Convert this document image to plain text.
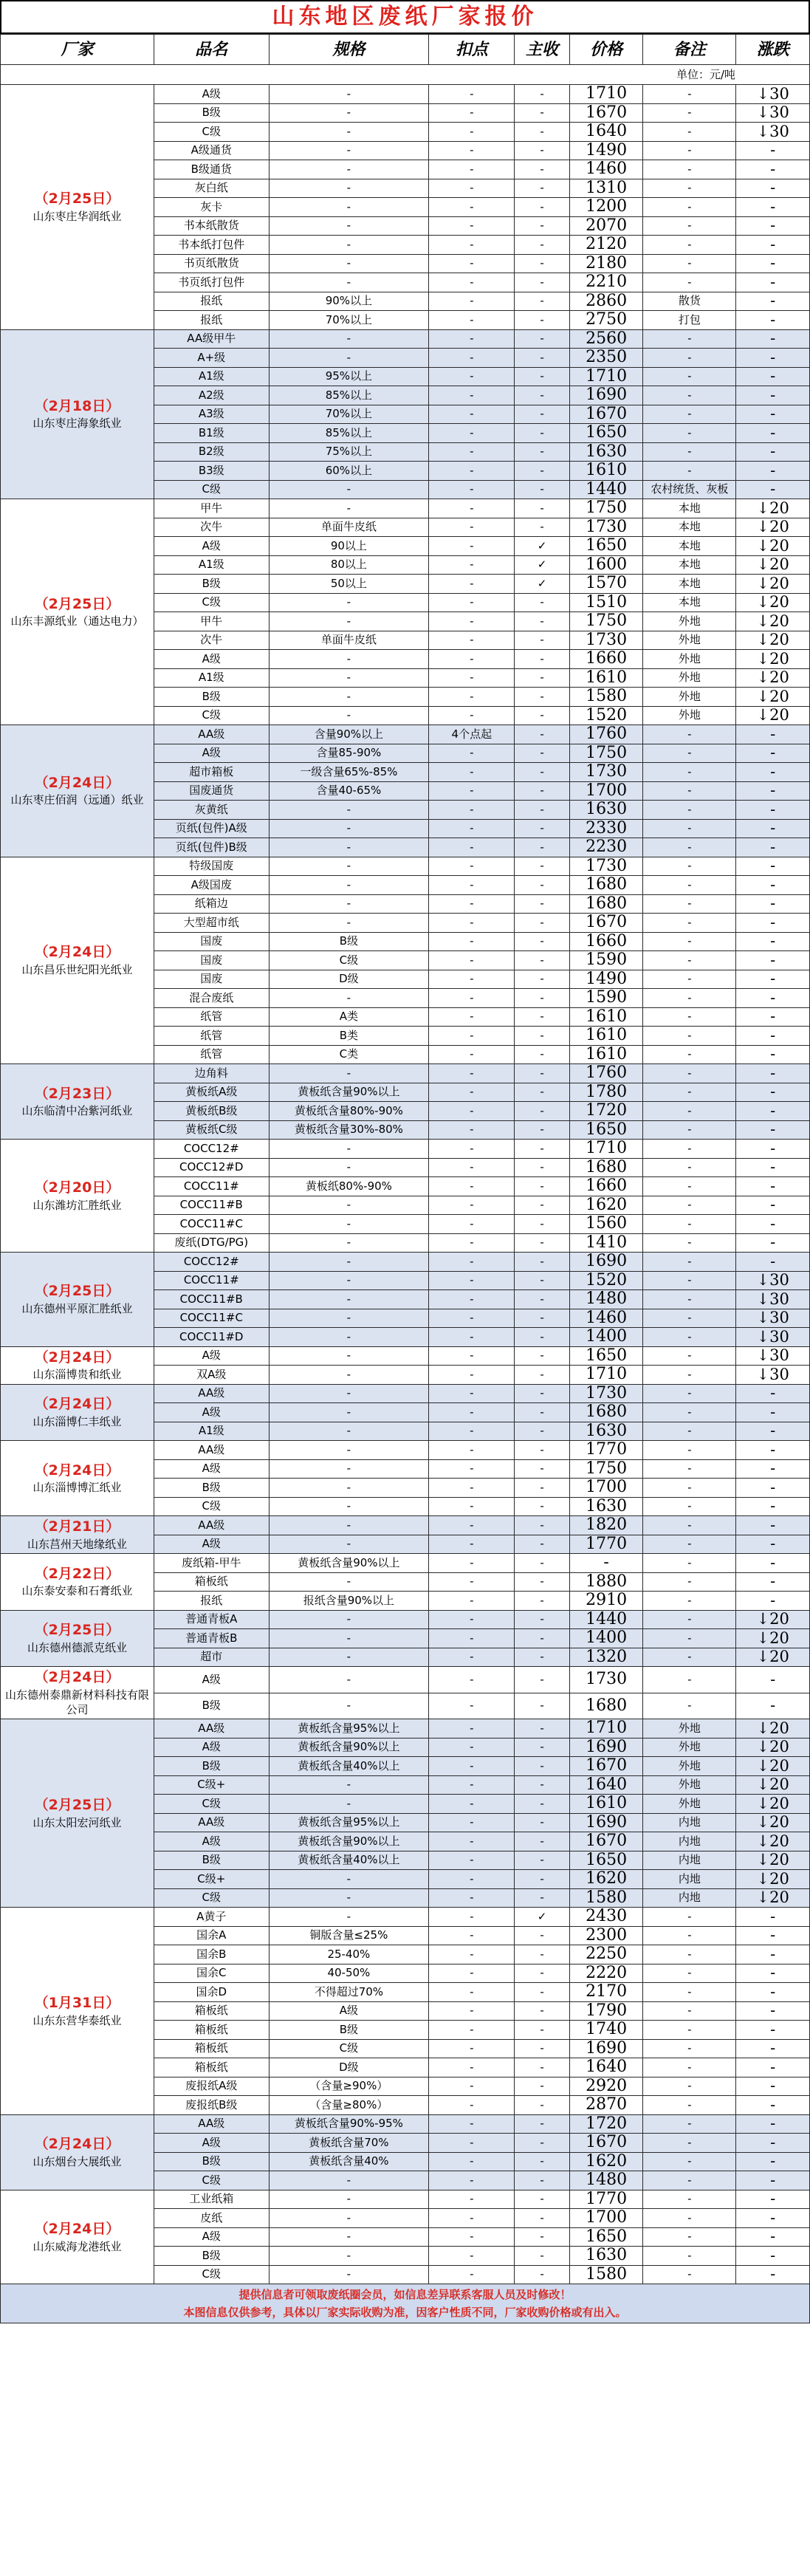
山东地区废纸厂家报价
厂家	品名	规格	扣点	主收	价格	备注	涨跌
单位：元/吨							

（2月25日）
山东枣庄华润纸业	A级	-	-	-	1710	-	↓30
	B级	-	-	-	1670	-	↓30
	C级	-	-	-	1640	-	↓30
	A级通货	-	-	-	1490	-	-
	B级通货	-	-	-	1460	-	-
	灰白纸	-	-	-	1310	-	-
	灰卡	-	-	-	1200	-	-
	书本纸散货	-	-	-	2070	-	-
	书本纸打包件	-	-	-	2120	-	-
	书页纸散货	-	-	-	2180	-	-
	书页纸打包件	-	-	-	2210	-	-
	报纸	90%以上	-	-	2860	散货	-
	报纸	70%以上	-	-	2750	打包	-

（2月18日）
山东枣庄海象纸业	AA级甲牛	-	-	-	2560	-	-
	A+级	-	-	-	2350	-	-
	A1级	95%以上	-	-	1710	-	-
	A2级	85%以上	-	-	1690	-	-
	A3级	70%以上	-	-	1670	-	-
	B1级	85%以上	-	-	1650	-	-
	B2级	75%以上	-	-	1630	-	-
	B3级	60%以上	-	-	1610	-	-
	C级	-	-	-	1440	农村统货、灰板	-

（2月25日）
山东丰源纸业（通达电力）	甲牛	-	-	-	1750	本地	↓20
	次牛	单面牛皮纸	-	-	1730	本地	↓20
	A级	90以上	-	✓	1650	本地	↓20
	A1级	80以上	-	✓	1600	本地	↓20
	B级	50以上	-	✓	1570	本地	↓20
	C级	-	-	-	1510	本地	↓20
	甲牛	-	-	-	1750	外地	↓20
	次牛	单面牛皮纸	-	-	1730	外地	↓20
	A级	-	-	-	1660	外地	↓20
	A1级	-	-	-	1610	外地	↓20
	B级	-	-	-	1580	外地	↓20
	C级	-	-	-	1520	外地	↓20

（2月24日）
山东枣庄佰润（远通）纸业	AA级	含量90%以上	4个点起	-	1760	-	-
	A级	含量85-90%	-	-	1750	-	-
	超市箱板	一级含量65%-85%	-	-	1730	-	-
	国废通货	含量40-65%	-	-	1700	-	-
	灰黄纸	-	-	-	1630	-	-
	页纸(包件)A级	-	-	-	2330	-	-
	页纸(包件)B级	-	-	-	2230	-	-

（2月24日）
山东昌乐世纪阳光纸业	特级国废	-	-	-	1730	-	-
	A级国废	-	-	-	1680	-	-
	纸箱边	-	-	-	1680	-	-
	大型超市纸	-	-	-	1670	-	-
	国废	B级	-	-	1660	-	-
	国废	C级	-	-	1590	-	-
	国废	D级	-	-	1490	-	-
	混合废纸	-	-	-	1590	-	-
	纸管	A类	-	-	1610	-	-
	纸管	B类	-	-	1610	-	-
	纸管	C类	-	-	1610	-	-

（2月23日）
山东临清中冶紫河纸业	边角料	-	-	-	1760	-	-
	黄板纸A级	黄板纸含量90%以上	-	-	1780	-	-
	黄板纸B级	黄板纸含量80%-90%	-	-	1720	-	-
	黄板纸C级	黄板纸含量30%-80%	-	-	1650	-	-

（2月20日）
山东潍坊汇胜纸业	COCC12#	-	-	-	1710	-	-
	COCC12#D	-	-	-	1680	-	-
	COCC11#	黄板纸80%-90%	-	-	1660	-	-
	COCC11#B	-	-	-	1620	-	-
	COCC11#C	-	-	-	1560	-	-
	废纸(DTG/PG)	-	-	-	1410	-	-

（2月25日）
山东德州平原汇胜纸业	COCC12#	-	-	-	1690	-	-
	COCC11#	-	-	-	1520	-	↓30
	COCC11#B	-	-	-	1480	-	↓30
	COCC11#C	-	-	-	1460	-	↓30
	COCC11#D	-	-	-	1400	-	↓30

（2月24日）
山东淄博贵和纸业	A级	-	-	-	1650	-	↓30
	双A级	-	-	-	1710	-	↓30

（2月24日）
山东淄博仁丰纸业	AA级	-	-	-	1730	-	-
	A级	-	-	-	1680	-	-
	A1级	-	-	-	1630	-	-

（2月24日）
山东淄博博汇纸业	AA级	-	-	-	1770	-	-
	A级	-	-	-	1750	-	-
	B级	-	-	-	1700	-	-
	C级	-	-	-	1630	-	-

（2月21日）
山东莒州天地缘纸业	AA级	-	-	-	1820	-	-
	A级	-	-	-	1770	-	-

（2月22日）
山东泰安泰和石膏纸业	废纸箱-甲牛	黄板纸含量90%以上	-	-	-	-	-
	箱板纸	-	-	-	1880	-	-
	报纸	报纸含量90%以上	-	-	2910	-	-

（2月25日）
山东德州德派克纸业	普通青板A	-	-	-	1440	-	↓20
	普通青板B	-	-	-	1400	-	↓20
	超市	-	-	-	1320	-	↓20

（2月24日）
山东德州泰鼎新材料科技有限公司	A级	-	-	-	1730	-	-
	B级	-	-	-	1680	-	-

（2月25日）
山东太阳宏河纸业	AA级	黄板纸含量95%以上	-	-	1710	外地	↓20
	A级	黄板纸含量90%以上	-	-	1690	外地	↓20
	B级	黄板纸含量40%以上	-	-	1670	外地	↓20
	C级+	-	-	-	1640	外地	↓20
	C级	-	-	-	1610	外地	↓20
	AA级	黄板纸含量95%以上	-	-	1690	内地	↓20
	A级	黄板纸含量90%以上	-	-	1670	内地	↓20
	B级	黄板纸含量40%以上	-	-	1650	内地	↓20
	C级+	-	-	-	1620	内地	↓20
	C级	-	-	-	1580	内地	↓20

（1月31日）
山东东营华泰纸业	A黄子	-	-	✓	2430	-	-
	国余A	铜版含量≤25%	-	-	2300	-	-
	国余B	25-40%	-	-	2250	-	-
	国余C	40-50%	-	-	2220	-	-
	国余D	不得超过70%	-	-	2170	-	-
	箱板纸	A级	-	-	1790	-	-
	箱板纸	B级	-	-	1740	-	-
	箱板纸	C级	-	-	1690	-	-
	箱板纸	D级	-	-	1640	-	-
	废报纸A级	（含量≥90%）	-	-	2920	-	-
	废报纸B级	（含量≥80%）	-	-	2870	-	-

（2月24日）
山东烟台大展纸业	AA级	黄板纸含量90%-95%	-	-	1720	-	-
	A级	黄板纸含量70%	-	-	1670	-	-
	B级	黄板纸含量40%	-	-	1620	-	-
	C级	-	-	-	1480	-	-

（2月24日）
山东威海龙港纸业	工业纸箱	-	-	-	1770	-	-
	皮纸	-	-	-	1700	-	-
	A级	-	-	-	1650	-	-
	B级	-	-	-	1630	-	-
	C级	-	-	-	1580	-	-
提供信息者可领取废纸圈会员，如信息差异联系客服人员及时修改！
本图信息仅供参考，具体以厂家实际收购为准，因客户性质不同，厂家收购价格或有出入。
